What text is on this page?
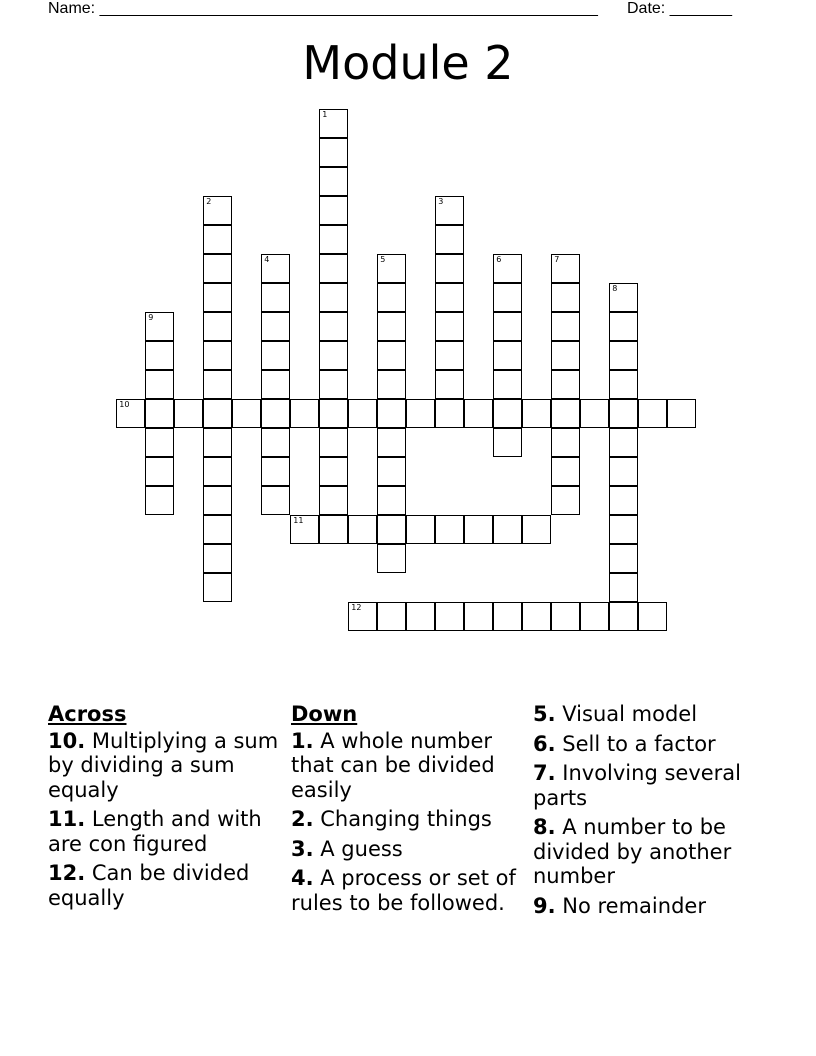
Name: ________________________________________________________ Date: _______
Module 2
1
2	3
4	5	6	7
8
9
10
11
12
Across
10. Multiplying a sum by dividing a sum equaly
11. Length and with are con figured
12. Can be divided equally
Down
1. A whole number that can be divided easily
2. Changing things
3. A guess
4. A process or set of rules to be followed.
5. Visual model
6. Sell to a factor
7. Involving several parts
8. A number to be divided by another number
9. No remainder
